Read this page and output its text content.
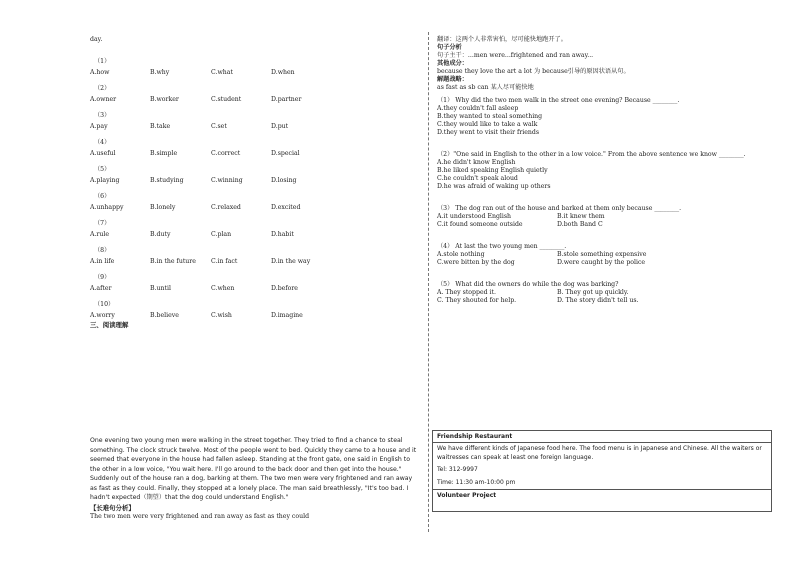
day.
（1）
A.how	B.why	C.what	D.when
（2）
A.owner	B.worker	C.student	D.partner
（3）
A.pay	B.take	C.set	D.put
（4）
A.useful	B.simple	C.correct	D.special
（5）
A.playing	B.studying	C.winning	D.losing
（6）
A.unhappy	B.lonely	C.relaxed	D.excited
（7）
A.rule	B.duty	C.plan	D.habit
（8）
A.in life	B.in the future C.in fact	D.in the way
（9）
A.after	B.until	C.when	D.before
（10）
A.worry	B.believe	C.wish	D.imagine
三、阅读理解
One evening two young men were walking in the street together. They tried to find a chance to steal something. The clock struck twelve. Most of the people went to bed. Quickly they came to a house and it seemed that everyone in the house had fallen asleep. Standing at the front gate, one said in English to the other in a low voice, "You wait here. I'll go around to the back door and then get into the house." Suddenly out of the house ran a dog, barking at them. The two men were very frightened and ran away as fast as they could. Finally, they stopped at a lonely place. The man said breathlessly, "It's too bad. I hadn't expected（期望）that the dog could understand English."
【长难句分析】
The two men were very frightened and ran away as fast as they could
翻译：这两个人非常害怕，尽可能快地跑开了。
句子分析
句子主干：...men were...frightened and ran away...
其他成分：
because they love the art a lot 为 because引导的原因状语从句。
解题战略：
as fast as sb can 某人尽可能快地
（1） Why did the two men walk in the street one evening? Because ________.
A.they couldn't fall asleep
B.they wanted to steal something
C.they would like to take a walk
D.they went to visit their friends
（2）"One said in English to the other in a low voice." From the above sentence we know ________.
A.he didn't know English
B.he liked speaking English quietly
C.he couldn't speak aloud
D.he was afraid of waking up others
（3） The dog ran out of the house and barked at them only because ________.
A.it understood English	B.it knew them
C.it found someone outside	D.both Band C
（4） At last the two young men ________.
A.stole nothing	B.stole something expensive
C.were bitten by the dog	D.were caught by the police
（5） What did the owners do while the dog was barking?
A. They stopped it.	B. They got up quickly.
C. They shouted for help.	D. The story didn't tell us.
Friendship Restaurant
We have different kinds of Japanese food here. The food menu is in Japanese and Chinese. All the waiters or waitresses can speak at least one foreign language.
Tel: 312-9997
Time: 11:30 am-10:00 pm
Volunteer Project
